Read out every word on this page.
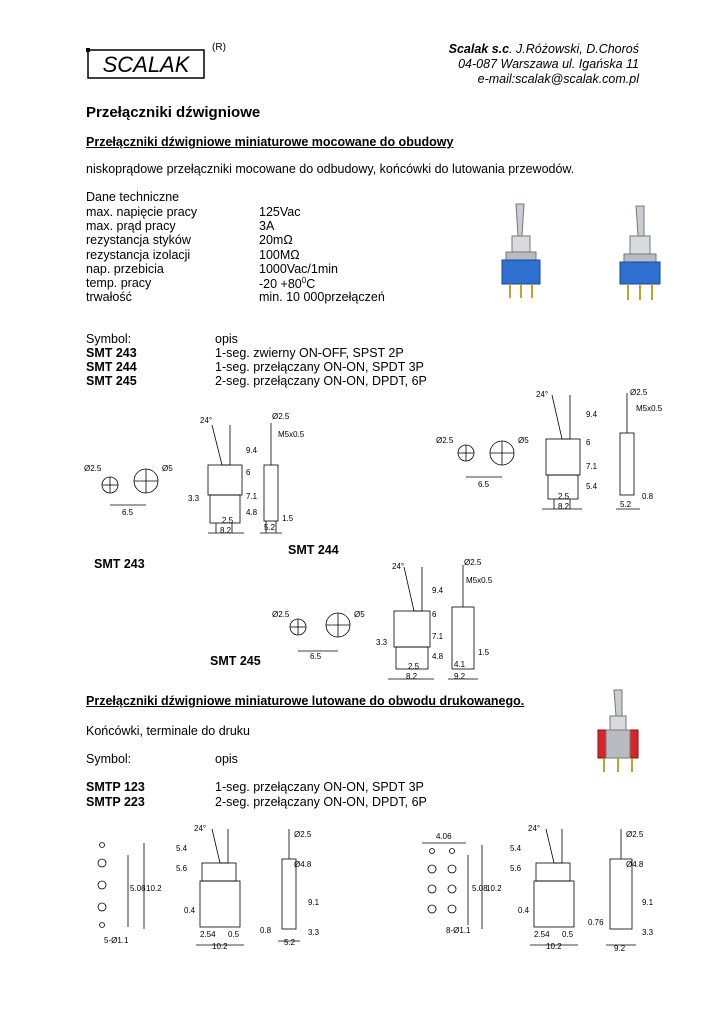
SCALAK
(R)	Scalak s.c. J.Różowski, D.Choroś
04-087 Warszawa ul. Igańska 11
e-mail:scalak@scalak.com.pl
Przełączniki dźwigniowe
Przełączniki dźwigniowe miniaturowe mocowane do obudowy
niskoprądowe przełączniki mocowane do odbudowy, końcówki do lutowania przewodów.
Dane techniczne
max. napięcie pracy	125Vac
max. prąd pracy	3A
rezystancja styków	20mΩ
rezystancja izolacji	100MΩ
nap. przebicia	1000Vac/1min
temp. pracy	$-20 +80^0C$
trwałość	min. 10 000przełączeń
Symbol:	opis
SMT 243	1-seg. zwierny ON-OFF, SPST 2P
SMT 244	1-seg. przełączany ON-ON, SPDT 3P
SMT 245	2-seg. przełączany ON-ON, DPDT, 6P
Ø2.5	Ø5
6.5
24°	Ø2.5
M5x0.5
9.4
6
7.1
3.3
4.8
2.5
8.2	5.2
1.5
Ø2.5	Ø5
6.5
24°	Ø2.5
M5x0.5
9.4
6
7.1
5.4
2.5
8.2	5.2
0.8
SMT 244
SMT 243
Ø2.5	Ø5
6.5
24°	Ø2.5
M5x0.5
9.4
6
7.1
3.3
4.8
2.5
8.2
4.1
9.2
1.5
SMT 245
Przełączniki dźwigniowe miniaturowe lutowane do obwodu drukowanego.
Końcówki, terminale do druku
Symbol:	opis
SMTP 123	1-seg. przełączany ON-ON, SPDT 3P
SMTP 223	2-seg. przełączany ON-ON, DPDT, 6P
5-Ø1.1
5.08 10.2
24°
5.4
5.6
0.4
2.54 0.5
10.2
Ø2.5
Ø4.8
9.1
0.8
5.2
3.3
4.06
8-Ø1.1
5.08
10.2
24°
5.4
5.6
0.4
2.54 0.5
10.2
Ø2.5
Ø4.8
9.1
0.76
9.2
3.3
